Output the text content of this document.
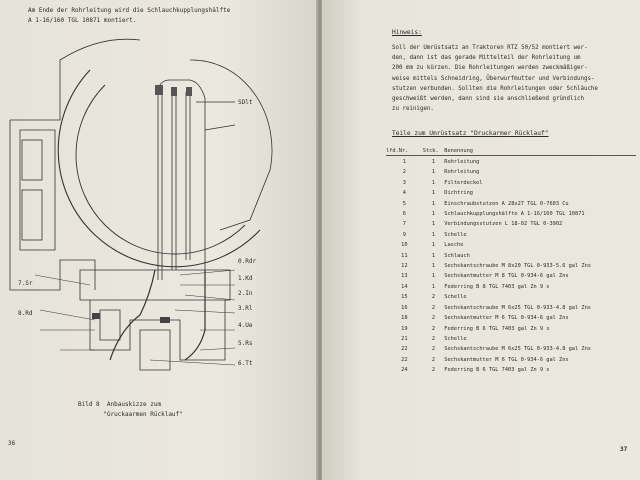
Am Ende der Rohrleitung wird die Schlauchkupplungshälfte
A 1-16/160 TGL 10871 montiert.
SDlt
0.Rdr
1.Kd
2.In
3.Rl
4.Ue
5.Rs
6.Tt
7.Sr
8.Rd
Bild 8  Anbauskizze zum
"Gruckaarmen Rücklauf"
36
Hinweis:
Soll der Umrüstsatz an Traktoren RTZ 50/52 montiert wer-
den, dann ist das gerade Mittelteil der Rohrleitung um
200 mm zu kürzen. Die Rohrleitungen werden zweckmäßiger-
weise mittels Schneidring, Überwurfmutter und Verbindungs-
stutzen verbunden. Sollten die Rohrleitungen oder Schläuche
geschweißt werden, dann sind sie anschließend gründlich
zu reinigen.
Teile zum Umrüstsatz "Druckarmer Rücklauf"
lfd.Nr.	Stck.	Benennung
1	1	Rohrleitung
2	1	Rohrleitung
3	1	Filterdeckel
4	1	Dichtring
5	1	Einschraubstutzen A 28x27 TGL 0-7603 Cu
6	1	Schlauchkupplungshälfte A 1-16/160 TGL 10871
7	1	Verbindungsstutzen L 18-02 TGL 0-3902
9	1	Schelle
10	1	Lasche
11	1	Schlauch
12	1	Sechskantschraube M 8x20 TGL 0-933-5.6 gal Zns
13	1	Sechskantmutter M 8 TGL 0-934-6 gal Zns
14	1	Federring B 8 TGL 7403 gal Zn 9 s
15	2	Schelle
16	2	Sechskantschraube M 6x25 TGL 0-933-4.8 gal Zns
18	2	Sechskantmutter M 6 TGL 0-934-6 gal Zns
19	2	Federring B 6 TGL 7403 gal Zn 9 s
21	2	Schelle
22	2	Sechskantschraube M 6x25 TGL 0-933-4.8 gal Zns
22	2	Sechskantmutter M 6 TGL 0-934-6 gal Zns
24	2	Federring B 6 TGL 7403 gal Zn 9 s
37
